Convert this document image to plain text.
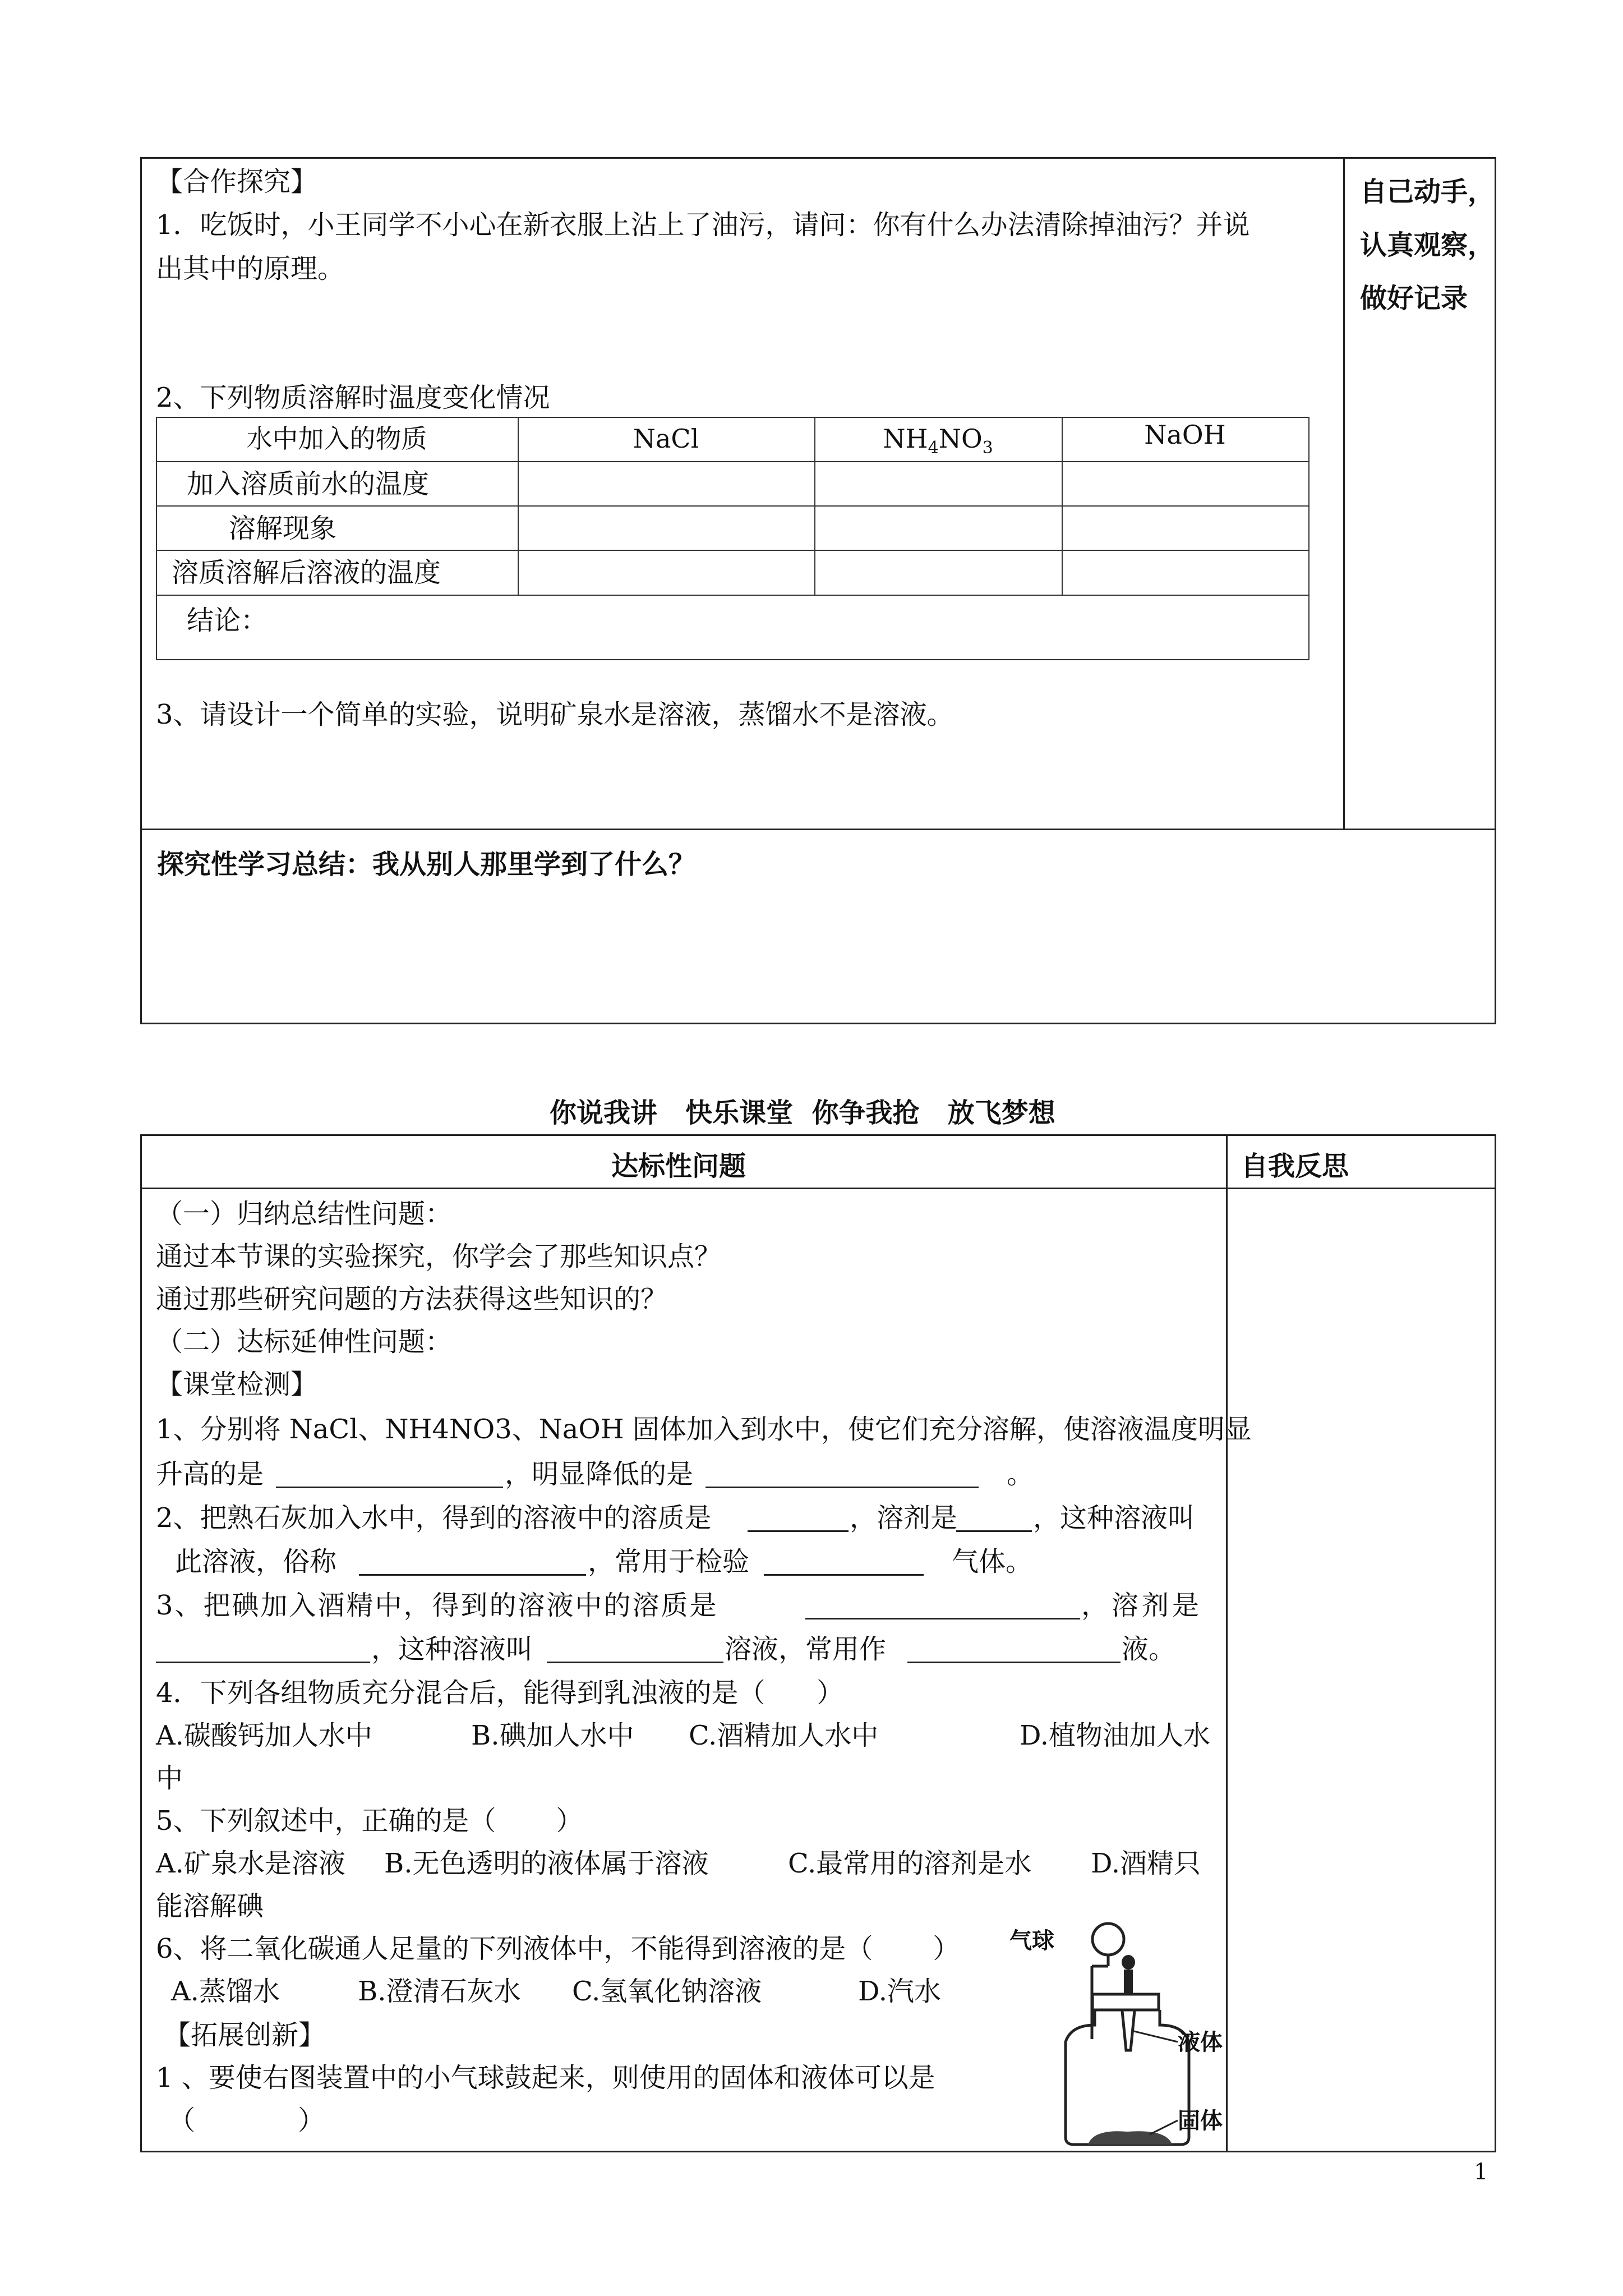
【合作探究】
1．吃饭时，小王同学不小心在新衣服上沾上了油污，请问：你有什么办法清除掉油污？并说
出其中的原理。
自己动手，
认真观察，
做好记录
2、下列物质溶解时温度变化情况
水中加入的物质	NaCl	$NH_4NO_3$	NaOH
加入溶质前水的温度
溶解现象
溶质溶解后溶液的温度
结论：
3、请设计一个简单的实验，说明矿泉水是溶液，蒸馏水不是溶液。
探究性学习总结：我从别人那里学到了什么？
你说我讲   快乐课堂  你争我抢   放飞梦想
达标性问题	自我反思
（一）归纳总结性问题：
通过本节课的实验探究，你学会了那些知识点？
通过那些研究问题的方法获得这些知识的？
（二）达标延伸性问题：
【课堂检测】
1、分别将 NaCl、NH4NO3、NaOH 固体加入到水中，使它们充分溶解，使溶液温度明显
升高的是	，明显降低的是	。
2、把熟石灰加入水中，得到的溶液中的溶质是	，溶剂是	，这种溶液叫
此溶液，俗称	，常用于检验	气体。
3、把碘加入酒精中，得到的溶液中的溶质是	，溶剂是
，这种溶液叫	溶液，常用作	液。
4．下列各组物质充分混合后，能得到乳浊液的是（      ）
A.碳酸钙加人水中	B.碘加人水中 C.酒精加人水中	D.植物油加人水
中
5、下列叙述中，正确的是（       ）
A.矿泉水是溶液 B.无色透明的液体属于溶液	C.最常用的溶剂是水 D.酒精只
能溶解碘
6、将二氧化碳通人足量的下列液体中，不能得到溶液的是（       ）
A.蒸馏水	B.澄清石灰水 C.氢氧化钠溶液	D.汽水
【拓展创新】
1 、要使右图装置中的小气球鼓起来，则使用的固体和液体可以是
（            ）
气球
液体
固体
1
